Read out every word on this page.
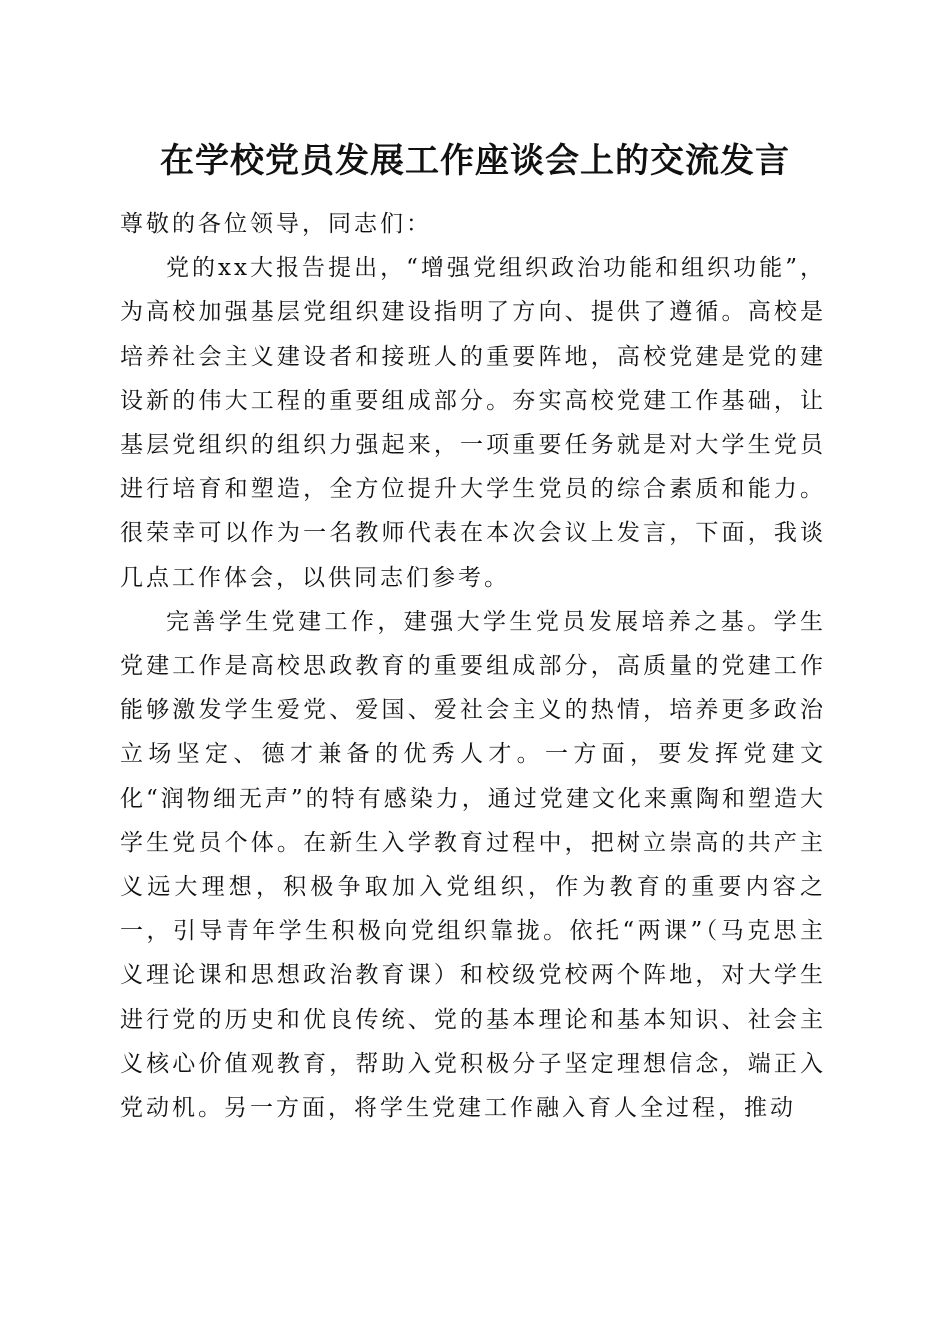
在学校党员发展工作座谈会上的交流发言

尊敬的各位领导，同志们：

党的xx大报告提出，“增强党组织政治功能和组织功能”，为高校加强基层党组织建设指明了方向、提供了遵循。高校是培养社会主义建设者和接班人的重要阵地，高校党建是党的建设新的伟大工程的重要组成部分。夯实高校党建工作基础，让基层党组织的组织力强起来，一项重要任务就是对大学生党员进行培育和塑造，全方位提升大学生党员的综合素质和能力。很荣幸可以作为一名教师代表在本次会议上发言，下面，我谈几点工作体会，以供同志们参考。

完善学生党建工作，建强大学生党员发展培养之基。学生党建工作是高校思政教育的重要组成部分，高质量的党建工作能够激发学生爱党、爱国、爱社会主义的热情，培养更多政治立场坚定、德才兼备的优秀人才。一方面，要发挥党建文化“润物细无声”的特有感染力，通过党建文化来熏陶和塑造大学生党员个体。在新生入学教育过程中，把树立崇高的共产主义远大理想，积极争取加入党组织，作为教育的重要内容之一，引导青年学生积极向党组织靠拢。依托“两课”（马克思主义理论课和思想政治教育课）和校级党校两个阵地，对大学生进行党的历史和优良传统、党的基本理论和基本知识、社会主义核心价值观教育，帮助入党积极分子坚定理想信念，端正入党动机。另一方面，将学生党建工作融入育人全过程，推动
